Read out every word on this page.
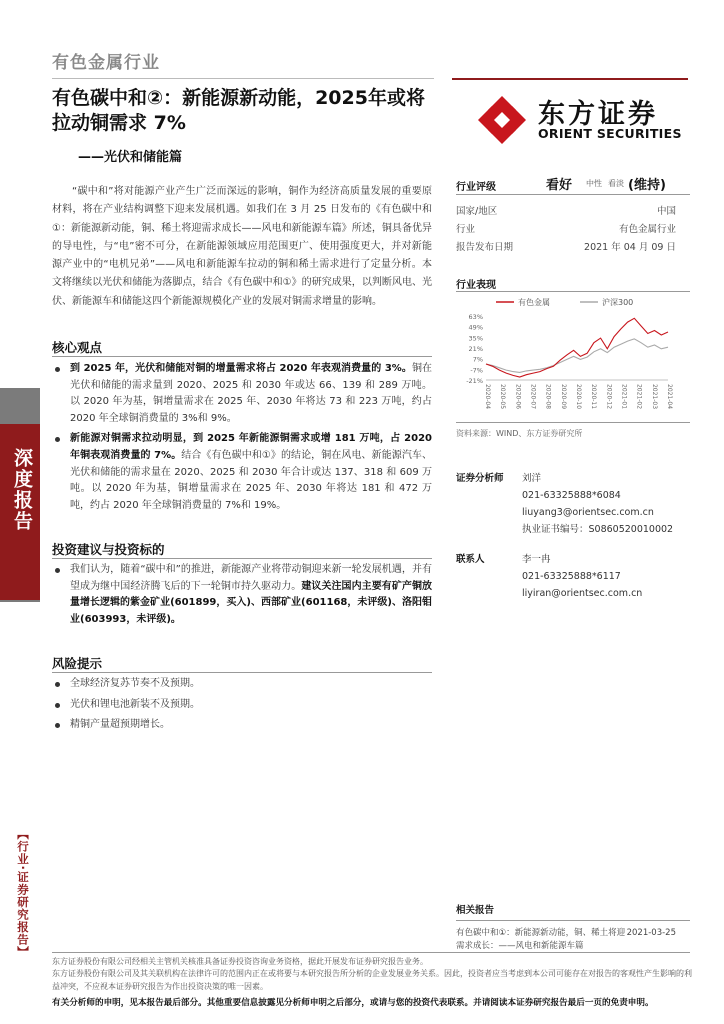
深度报告
【行业·证券研究报告】
有色金属行业
有色碳中和②：新能源新动能，2025年或将拉动铜需求 7%
——光伏和储能篇
东方证券
ORIENT SECURITIES
“碳中和”将对能源产业产生广泛而深远的影响，铜作为经济高质量发展的重要原材料，将在产业结构调整下迎来发展机遇。如我们在 3 月 25 日发布的《有色碳中和①：新能源新动能，铜、稀土将迎需求成长——风电和新能源车篇》所述，铜具备优异的导电性，与“电”密不可分，在新能源领域应用范围更广、使用强度更大，并对新能源产业中的“电机兄弟”——风电和新能源车拉动的铜和稀土需求进行了定量分析。本文将继续以光伏和储能为落脚点，结合《有色碳中和①》的研究成果，以判断风电、光伏、新能源车和储能这四个新能源规模化产业的发展对铜需求增量的影响。
核心观点
到 2025 年，光伏和储能对铜的增量需求将占 2020 年表观消费量的 3%。铜在光伏和储能的需求量到 2020、2025 和 2030 年或达 66、139 和 289 万吨。以 2020 年为基，铜增量需求在 2025 年、2030 年将达 73 和 223 万吨，约占 2020 年全球铜消费量的 3%和 9%。
新能源对铜需求拉动明显，到 2025 年新能源铜需求或增 181 万吨，占 2020 年铜表观消费量的 7%。结合《有色碳中和①》的结论，铜在风电、新能源汽车、光伏和储能的需求量在 2020、2025 和 2030 年合计或达 137、318 和 609 万吨。以 2020 年为基，铜增量需求在 2025 年、2030 年将达 181 和 472 万吨，约占 2020 年全球铜消费量的 7%和 19%。
投资建议与投资标的
我们认为，随着“碳中和”的推进，新能源产业将带动铜迎来新一轮发展机遇，并有望成为继中国经济腾飞后的下一轮铜市持久驱动力。建议关注国内主要有矿产铜放量增长逻辑的紫金矿业(601899，买入)、西部矿业(601168，未评级)、洛阳钼业(603993，未评级)。
风险提示
全球经济复苏节奏不及预期。
光伏和锂电池新装不及预期。
精铜产量超预期增长。
行业评级	看好 中性 看淡 (维持)
国家/地区	中国
行业	有色金属行业
报告发布日期	2021 年 04 月 09 日
行业表现
有色金属	沪深300
63%
49%
35%
21%
7%
-7%
-21%
2020-04 2020-05 2020-06 2020-07 2020-08 2020-09 2020-10 2020-11 2020-12 2021-01 2021-02 2021-03 2021-04
资料来源：WIND、东方证券研究所
证券分析师 刘洋
021-63325888*6084
liuyang3@orientsec.com.cn
执业证书编号：S0860520010002
联系人	李一冉
021-63325888*6117
liyiran@orientsec.com.cn
相关报告
有色碳中和①：新能源新动能，铜、稀土将迎需求成长：——风电和新能源车篇
2021-03-25
东方证券股份有限公司经相关主管机关核准具备证券投资咨询业务资格，据此开展发布证券研究报告业务。
东方证券股份有限公司及其关联机构在法律许可的范围内正在或将要与本研究报告所分析的企业发展业务关系。因此，投资者应当考虑到本公司可能存在对报告的客观性产生影响的利益冲突，不应视本证券研究报告为作出投资决策的唯一因素。
有关分析师的申明，见本报告最后部分。其他重要信息披露见分析师申明之后部分，或请与您的投资代表联系。并请阅读本证券研究报告最后一页的免责申明。
